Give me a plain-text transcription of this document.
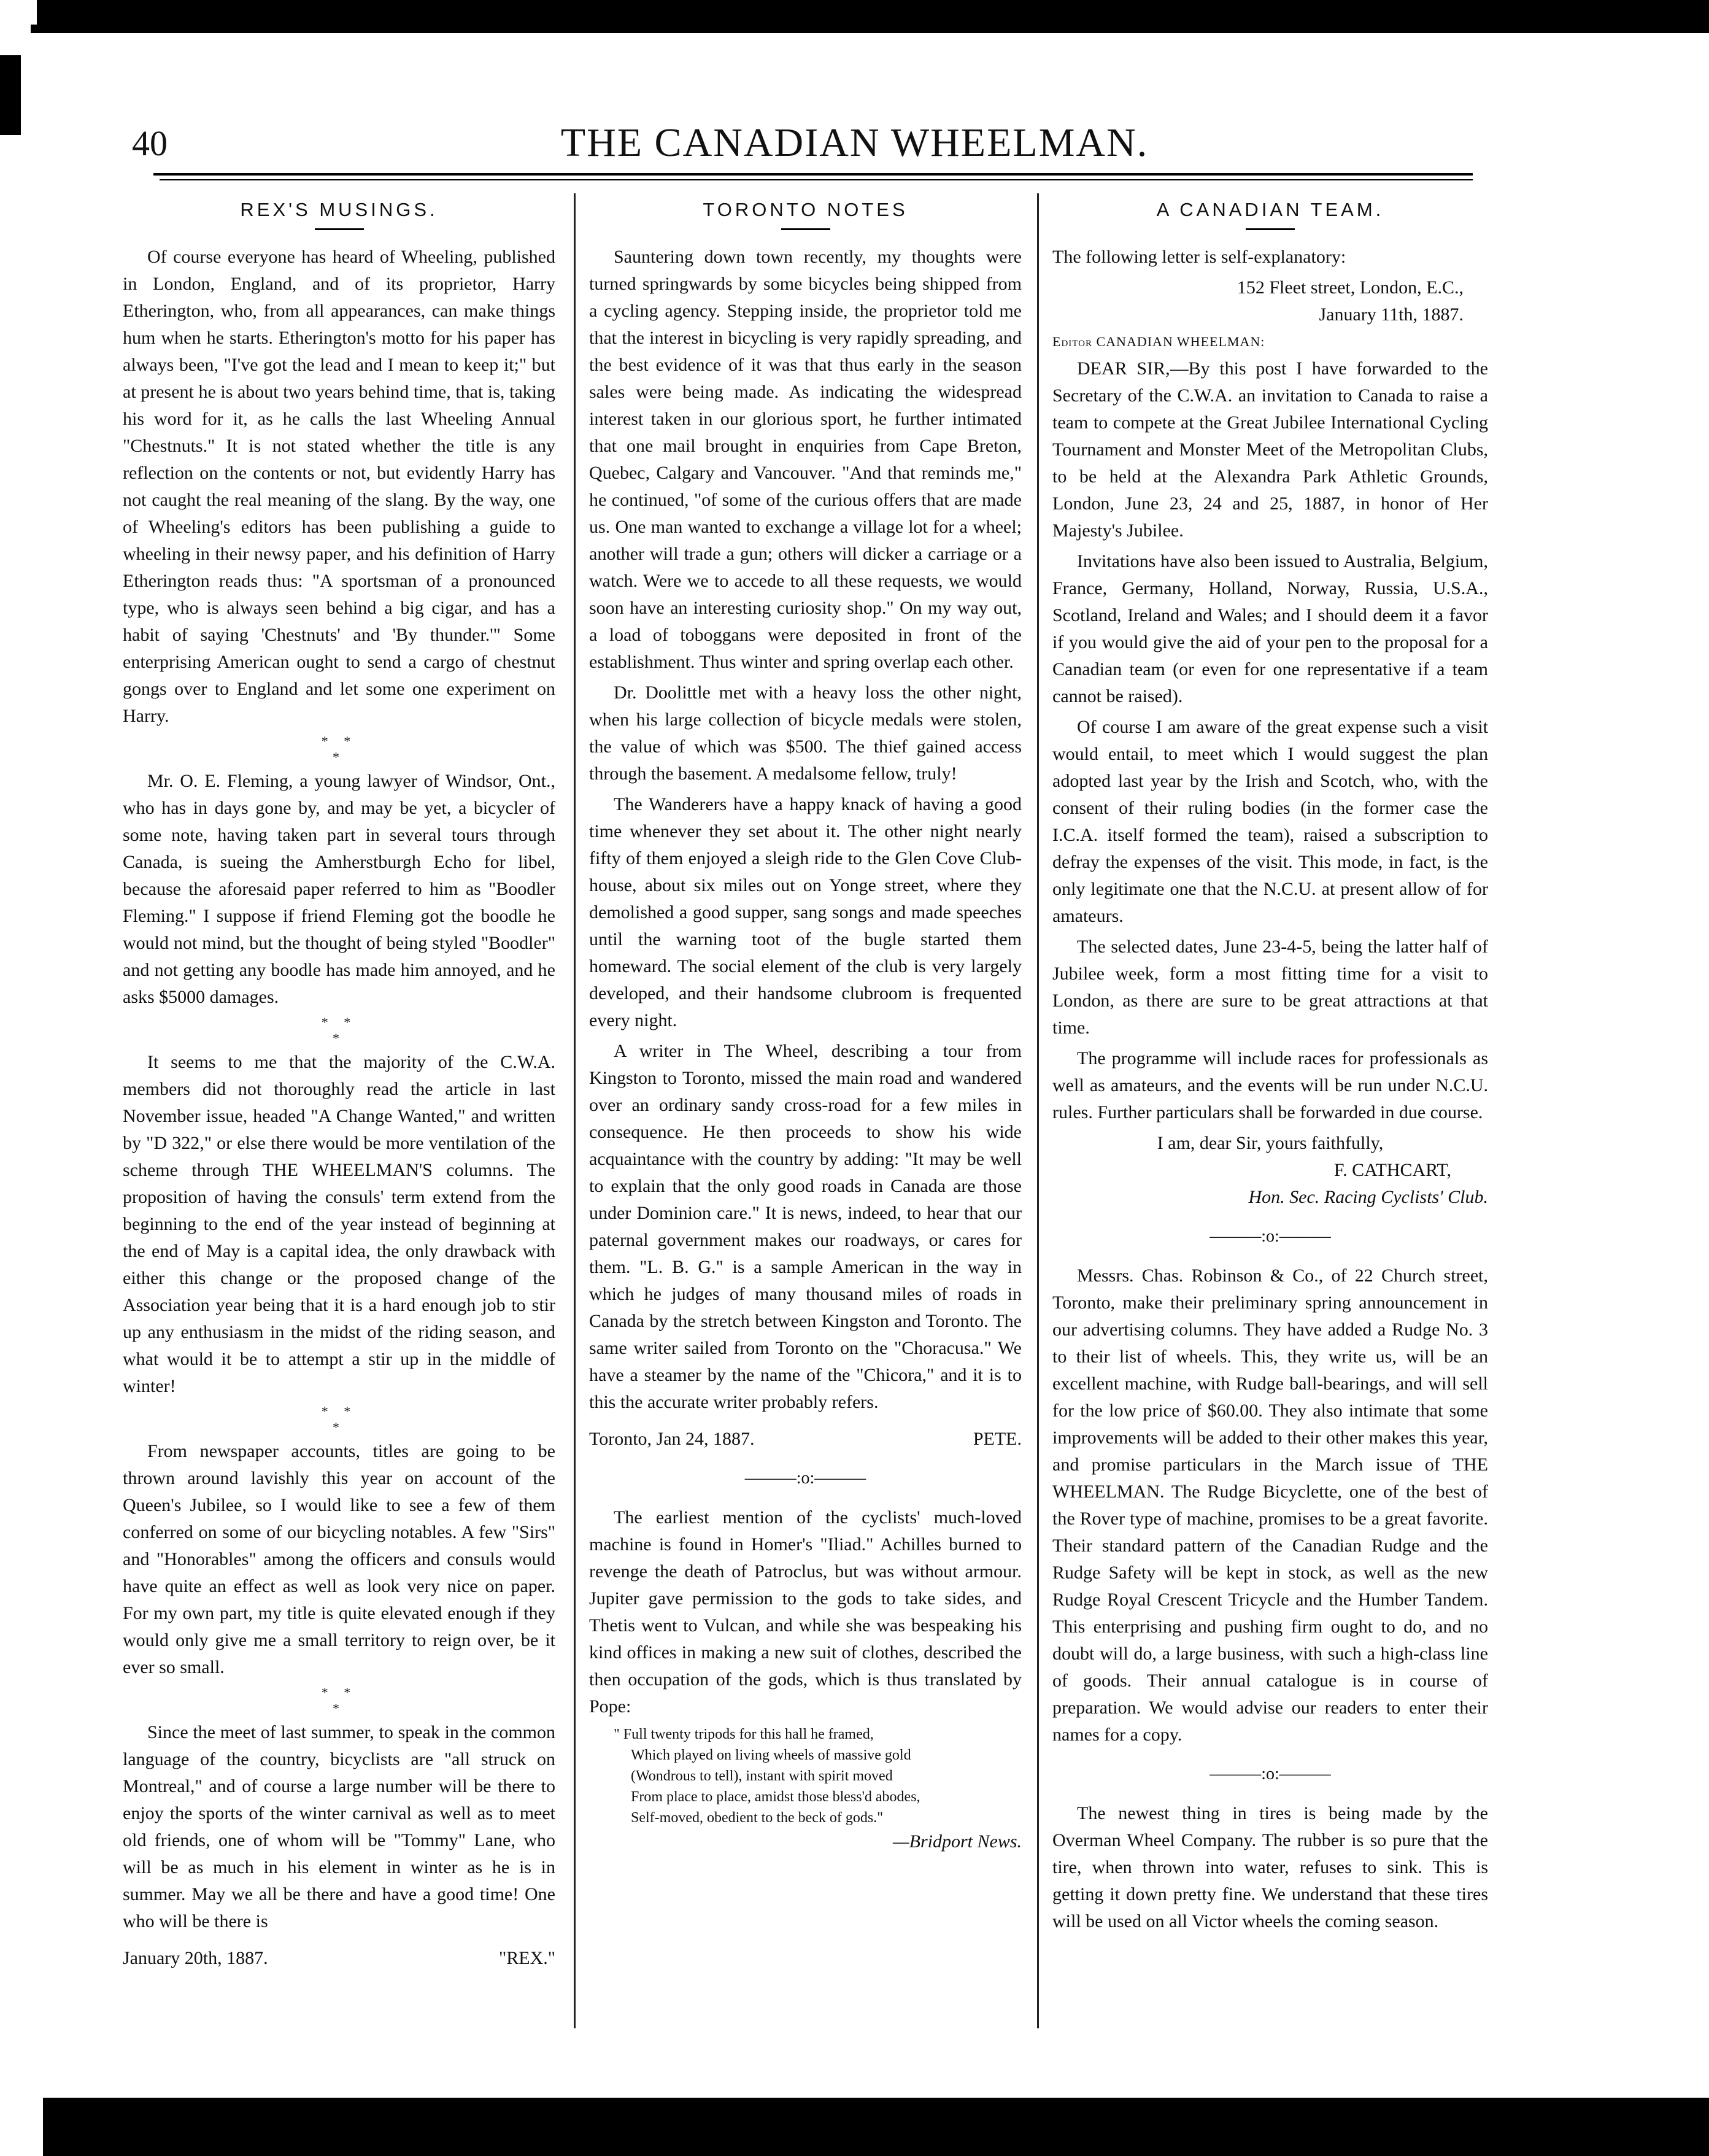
40	THE CANADIAN WHEELMAN.
REX'S MUSINGS.

Of course everyone has heard of Wheeling, published in London, England, and of its proprietor, Harry Etherington, who, from all appearances, can make things hum when he starts. Etherington's motto for his paper has always been, "I've got the lead and I mean to keep it;" but at present he is about two years behind time, that is, taking his word for it, as he calls the last Wheeling Annual "Chestnuts." It is not stated whether the title is any reflection on the contents or not, but evidently Harry has not caught the real meaning of the slang. By the way, one of Wheeling's editors has been publishing a guide to wheeling in their newsy paper, and his definition of Harry Etherington reads thus: "A sportsman of a pronounced type, who is always seen behind a big cigar, and has a habit of saying 'Chestnuts' and 'By thunder.'" Some enterprising American ought to send a cargo of chestnut gongs over to England and let some one experiment on Harry.

* *
*

Mr. O. E. Fleming, a young lawyer of Windsor, Ont., who has in days gone by, and may be yet, a bicycler of some note, having taken part in several tours through Canada, is sueing the Amherstburgh Echo for libel, because the aforesaid paper referred to him as "Boodler Fleming." I suppose if friend Fleming got the boodle he would not mind, but the thought of being styled "Boodler" and not getting any boodle has made him annoyed, and he asks $5000 damages.

* *
*

It seems to me that the majority of the C.W.A. members did not thoroughly read the article in last November issue, headed "A Change Wanted," and written by "D 322," or else there would be more ventilation of the scheme through THE WHEELMAN'S columns. The proposition of having the consuls' term extend from the beginning to the end of the year instead of beginning at the end of May is a capital idea, the only drawback with either this change or the proposed change of the Association year being that it is a hard enough job to stir up any enthusiasm in the midst of the riding season, and what would it be to attempt a stir up in the middle of winter!

* *
*

From newspaper accounts, titles are going to be thrown around lavishly this year on account of the Queen's Jubilee, so I would like to see a few of them conferred on some of our bicycling notables. A few "Sirs" and "Honorables" among the officers and consuls would have quite an effect as well as look very nice on paper. For my own part, my title is quite elevated enough if they would only give me a small territory to reign over, be it ever so small.

* *
*

Since the meet of last summer, to speak in the common language of the country, bicyclists are "all struck on Montreal," and of course a large number will be there to enjoy the sports of the winter carnival as well as to meet old friends, one of whom will be "Tommy" Lane, who will be as much in his element in winter as he is in summer. May we all be there and have a good time! One who will be there is

January 20th, 1887.	"REX."
TORONTO NOTES

Sauntering down town recently, my thoughts were turned springwards by some bicycles being shipped from a cycling agency. Stepping inside, the proprietor told me that the interest in bicycling is very rapidly spreading, and the best evidence of it was that thus early in the season sales were being made. As indicating the widespread interest taken in our glorious sport, he further intimated that one mail brought in enquiries from Cape Breton, Quebec, Calgary and Vancouver. "And that reminds me," he continued, "of some of the curious offers that are made us. One man wanted to exchange a village lot for a wheel; another will trade a gun; others will dicker a carriage or a watch. Were we to accede to all these requests, we would soon have an interesting curiosity shop." On my way out, a load of toboggans were deposited in front of the establishment. Thus winter and spring overlap each other.

Dr. Doolittle met with a heavy loss the other night, when his large collection of bicycle medals were stolen, the value of which was $500. The thief gained access through the basement. A medalsome fellow, truly!

The Wanderers have a happy knack of having a good time whenever they set about it. The other night nearly fifty of them enjoyed a sleigh ride to the Glen Cove Club-house, about six miles out on Yonge street, where they demolished a good supper, sang songs and made speeches until the warning toot of the bugle started them homeward. The social element of the club is very largely developed, and their handsome clubroom is frequented every night.

A writer in The Wheel, describing a tour from Kingston to Toronto, missed the main road and wandered over an ordinary sandy cross-road for a few miles in consequence. He then proceeds to show his wide acquaintance with the country by adding: "It may be well to explain that the only good roads in Canada are those under Dominion care." It is news, indeed, to hear that our paternal government makes our roadways, or cares for them. "L. B. G." is a sample American in the way in which he judges of many thousand miles of roads in Canada by the stretch between Kingston and Toronto. The same writer sailed from Toronto on the "Choracusa." We have a steamer by the name of the "Chicora," and it is to this the accurate writer probably refers.

Toronto, Jan 24, 1887.	PETE.
———:o:———

The earliest mention of the cyclists' much-loved machine is found in Homer's "Iliad." Achilles burned to revenge the death of Patroclus, but was without armour. Jupiter gave permission to the gods to take sides, and Thetis went to Vulcan, and while she was bespeaking his kind offices in making a new suit of clothes, described the then occupation of the gods, which is thus translated by Pope:

" Full twenty tripods for this hall he framed,
Which played on living wheels of massive gold
(Wondrous to tell), instant with spirit moved
From place to place, amidst those bless'd abodes,
Self-moved, obedient to the beck of gods."
—Bridport News.
A CANADIAN TEAM.

The following letter is self-explanatory:

152 Fleet street, London, E.C.,
January 11th, 1887.
Editor CANADIAN WHEELMAN:

DEAR SIR,—By this post I have forwarded to the Secretary of the C.W.A. an invitation to Canada to raise a team to compete at the Great Jubilee International Cycling Tournament and Monster Meet of the Metropolitan Clubs, to be held at the Alexandra Park Athletic Grounds, London, June 23, 24 and 25, 1887, in honor of Her Majesty's Jubilee.

Invitations have also been issued to Australia, Belgium, France, Germany, Holland, Norway, Russia, U.S.A., Scotland, Ireland and Wales; and I should deem it a favor if you would give the aid of your pen to the proposal for a Canadian team (or even for one representative if a team cannot be raised).

Of course I am aware of the great expense such a visit would entail, to meet which I would suggest the plan adopted last year by the Irish and Scotch, who, with the consent of their ruling bodies (in the former case the I.C.A. itself formed the team), raised a subscription to defray the expenses of the visit. This mode, in fact, is the only legitimate one that the N.C.U. at present allow of for amateurs.

The selected dates, June 23-4-5, being the latter half of Jubilee week, form a most fitting time for a visit to London, as there are sure to be great attractions at that time.

The programme will include races for professionals as well as amateurs, and the events will be run under N.C.U. rules. Further particulars shall be forwarded in due course.

I am, dear Sir, yours faithfully,
F. CATHCART,
Hon. Sec. Racing Cyclists' Club.
———:o:———

Messrs. Chas. Robinson & Co., of 22 Church street, Toronto, make their preliminary spring announcement in our advertising columns. They have added a Rudge No. 3 to their list of wheels. This, they write us, will be an excellent machine, with Rudge ball-bearings, and will sell for the low price of $60.00. They also intimate that some improvements will be added to their other makes this year, and promise particulars in the March issue of THE WHEELMAN. The Rudge Bicyclette, one of the best of the Rover type of machine, promises to be a great favorite. Their standard pattern of the Canadian Rudge and the Rudge Safety will be kept in stock, as well as the new Rudge Royal Crescent Tricycle and the Humber Tandem. This enterprising and pushing firm ought to do, and no doubt will do, a large business, with such a high-class line of goods. Their annual catalogue is in course of preparation. We would advise our readers to enter their names for a copy.

———:o:———

The newest thing in tires is being made by the Overman Wheel Company. The rubber is so pure that the tire, when thrown into water, refuses to sink. This is getting it down pretty fine. We understand that these tires will be used on all Victor wheels the coming season.
